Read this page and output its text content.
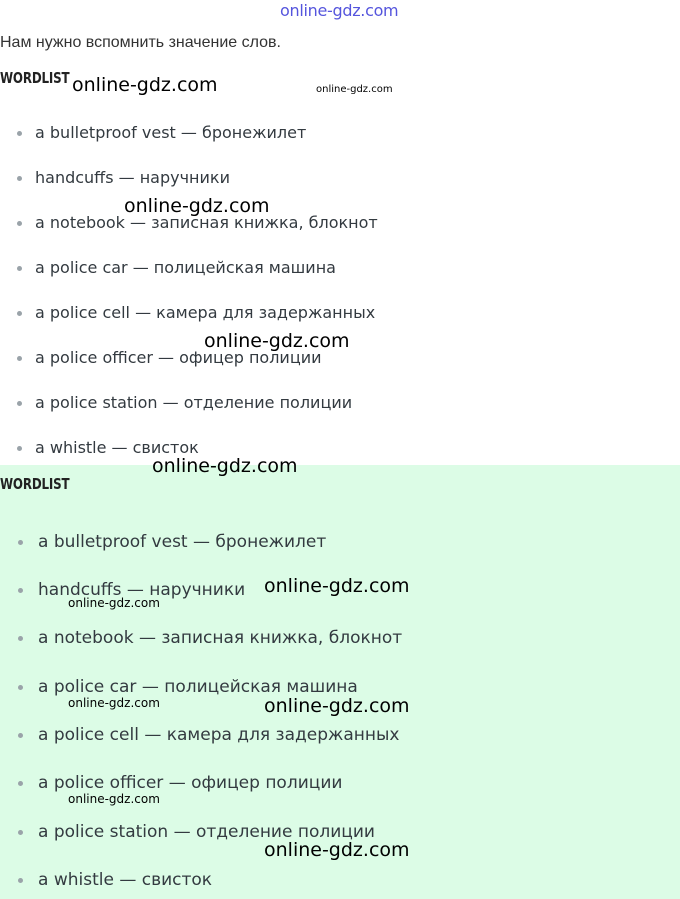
online-gdz.com
Нам нужно вспомнить значение слов.
WORDLIST
a bulletproof vest — бронежилет
handcuffs — наручники
a notebook — записная книжка, блокнот
a police car — полицейская машина
a police cell — камера для задержанных
a police officer — офицер полиции
a police station — отделение полиции
a whistle — свисток
WORDLIST
a bulletproof vest — бронежилет
handcuffs — наручники
a notebook — записная книжка, блокнот
a police car — полицейская машина
a police cell — камера для задержанных
a police officer — офицер полиции
a police station — отделение полиции
a whistle — свисток
online-gdz.com	online-gdz.com
online-gdz.com
online-gdz.com
online-gdz.com
online-gdz.com
online-gdz.com
online-gdz.com	online-gdz.com
online-gdz.com
online-gdz.com
